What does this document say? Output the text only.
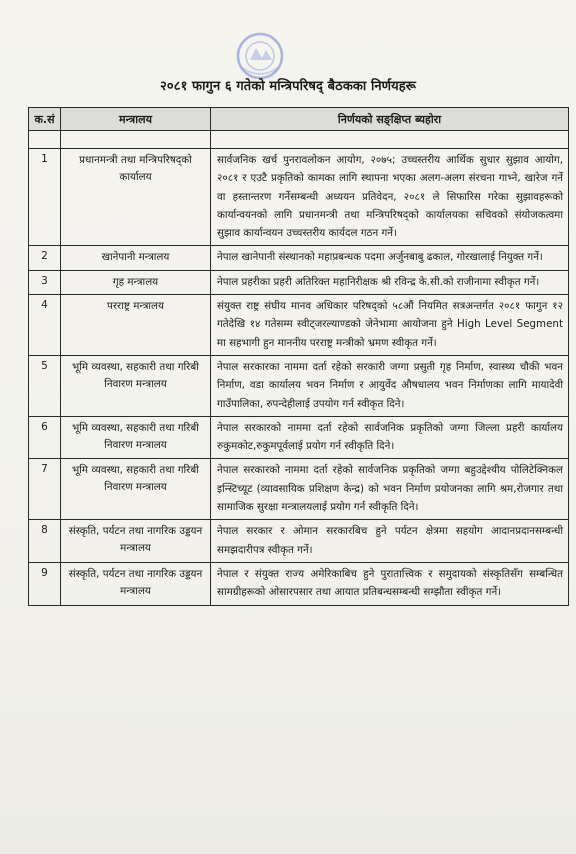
२०८१ फागुन ६ गतेको मन्त्रिपरिषद् बैठकका निर्णयहरू
क.सं	मन्त्रालय	निर्णयको सङ्क्षिप्त ब्यहोरा

1	प्रधानमन्त्री तथा मन्त्रिपरिषद्को कार्यालय	सार्वजनिक खर्च पुनरावलोकन आयोग, २०७५; उच्चस्तरीय आर्थिक सुधार सुझाव आयोग, २०८१ र एउटै प्रकृतिको कामका लागि स्थापना भएका अलग-अलग संरचना गाभ्ने, खारेज गर्ने वा हस्तान्तरण गर्नेसम्बन्धी अध्ययन प्रतिवेदन, २०८१ ले सिफारिस गरेका सुझावहरूको कार्यान्वयनको लागि प्रधानमन्त्री तथा मन्त्रिपरिषद्को कार्यालयका सचिवको संयोजकत्वमा सुझाव कार्यान्वयन उच्चस्तरीय कार्यदल गठन गर्ने।
2	खानेपानी मन्त्रालय	नेपाल खानेपानी संस्थानको महाप्रबन्धक पदमा अर्जुनबाबु ढकाल, गोरखालाई नियुक्त गर्ने।
3	गृह मन्त्रालय	नेपाल प्रहरीका प्रहरी अतिरिक्त महानिरीक्षक श्री रविन्द्र के.सी.को राजीनामा स्वीकृत गर्ने।
4	परराष्ट्र मन्त्रालय	संयुक्त राष्ट्र संघीय मानव अधिकार परिषद्को ५८औं नियमित सत्रअन्तर्गत २०८१ फागुन १२ गतेदेखि १४ गतेसम्म स्वीट्जरल्याण्डको जेनेभामा आयोजना हुने High Level Segment मा सहभागी हुन माननीय परराष्ट्र मन्त्रीको भ्रमण स्वीकृत गर्ने।
5	भूमि व्यवस्था, सहकारी तथा गरिबी निवारण मन्त्रालय	नेपाल सरकारका नाममा दर्ता रहेको सरकारी जग्गा प्रसुती गृह निर्माण, स्वास्थ्य चौकी भवन निर्माण, वडा कार्यालय भवन निर्माण र आयुर्वेद औषधालय भवन निर्माणका लागि मायादेवी गाउँपालिका, रुपन्देहीलाई उपयोग गर्न स्वीकृत दिने।
6	भूमि व्यवस्था, सहकारी तथा गरिबी निवारण मन्त्रालय	नेपाल सरकारको नाममा दर्ता रहेको सार्वजनिक प्रकृतिको जग्गा जिल्ला प्रहरी कार्यालय रुकुमकोट,रुकुमपूर्वलाई प्रयोग गर्न स्वीकृति दिने।
7	भूमि व्यवस्था, सहकारी तथा गरिबी निवारण मन्त्रालय	नेपाल सरकारको नाममा दर्ता रहेको सार्वजनिक प्रकृतिको जग्गा बहुउद्देश्यीय पोलिटेक्निकल इन्स्टिच्यूट (व्यावसायिक प्रशिक्षण केन्द्र) को भवन निर्माण प्रयोजनका लागि श्रम,रोजगार तथा सामाजिक सुरक्षा मन्त्रालयलाई प्रयोग गर्न स्वीकृति दिने।
8	संस्कृति, पर्यटन तथा नागरिक उड्डयन मन्त्रालय	नेपाल सरकार र ओमान सरकारबिच हुने पर्यटन क्षेत्रमा सहयोग आदानप्रदानसम्बन्धी समझदारीपत्र स्वीकृत गर्ने।
9	संस्कृति, पर्यटन तथा नागरिक उड्डयन मन्त्रालय	नेपाल र संयुक्त राज्य अमेरिकाबिच हुने पुरातात्त्विक र समुदायको संस्कृतिसँग सम्बन्धित सामग्रीहरूको ओसारपसार तथा आयात प्रतिबन्धसम्बन्धी सम्झौता स्वीकृत गर्ने।
